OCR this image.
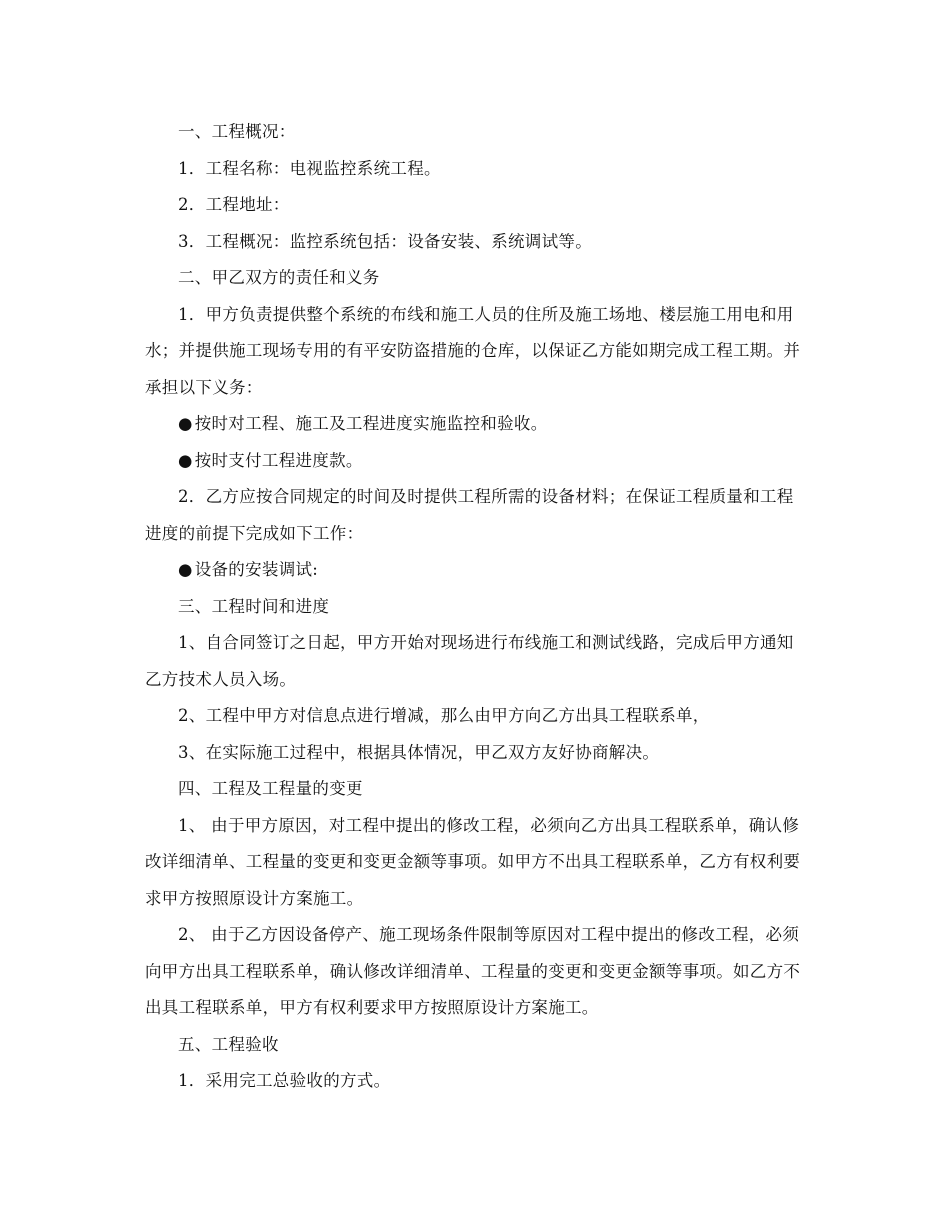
一、工程概况：

1．工程名称：电视监控系统工程。

2．工程地址：

3．工程概况：监控系统包括：设备安装、系统调试等。

二、甲乙双方的责任和义务

1．甲方负责提供整个系统的布线和施工人员的住所及施工场地、楼层施工用电和用水；并提供施工现场专用的有平安防盗措施的仓库，以保证乙方能如期完成工程工期。并承担以下义务：

● 按时对工程、施工及工程进度实施监控和验收。

● 按时支付工程进度款。

2．乙方应按合同规定的时间及时提供工程所需的设备材料；在保证工程质量和工程进度的前提下完成如下工作：

● 设备的安装调试:

三、工程时间和进度

1、自合同签订之日起，甲方开始对现场进行布线施工和测试线路，完成后甲方通知乙方技术人员入场。

2、工程中甲方对信息点进行增减，那么由甲方向乙方出具工程联系单，

3、在实际施工过程中，根据具体情况，甲乙双方友好协商解决。

四、工程及工程量的变更

1、 由于甲方原因，对工程中提出的修改工程，必须向乙方出具工程联系单，确认修改详细清单、工程量的变更和变更金额等事项。如甲方不出具工程联系单，乙方有权利要求甲方按照原设计方案施工。

2、 由于乙方因设备停产、施工现场条件限制等原因对工程中提出的修改工程，必须向甲方出具工程联系单，确认修改详细清单、工程量的变更和变更金额等事项。如乙方不出具工程联系单，甲方有权利要求甲方按照原设计方案施工。

五、工程验收

1．采用完工总验收的方式。
